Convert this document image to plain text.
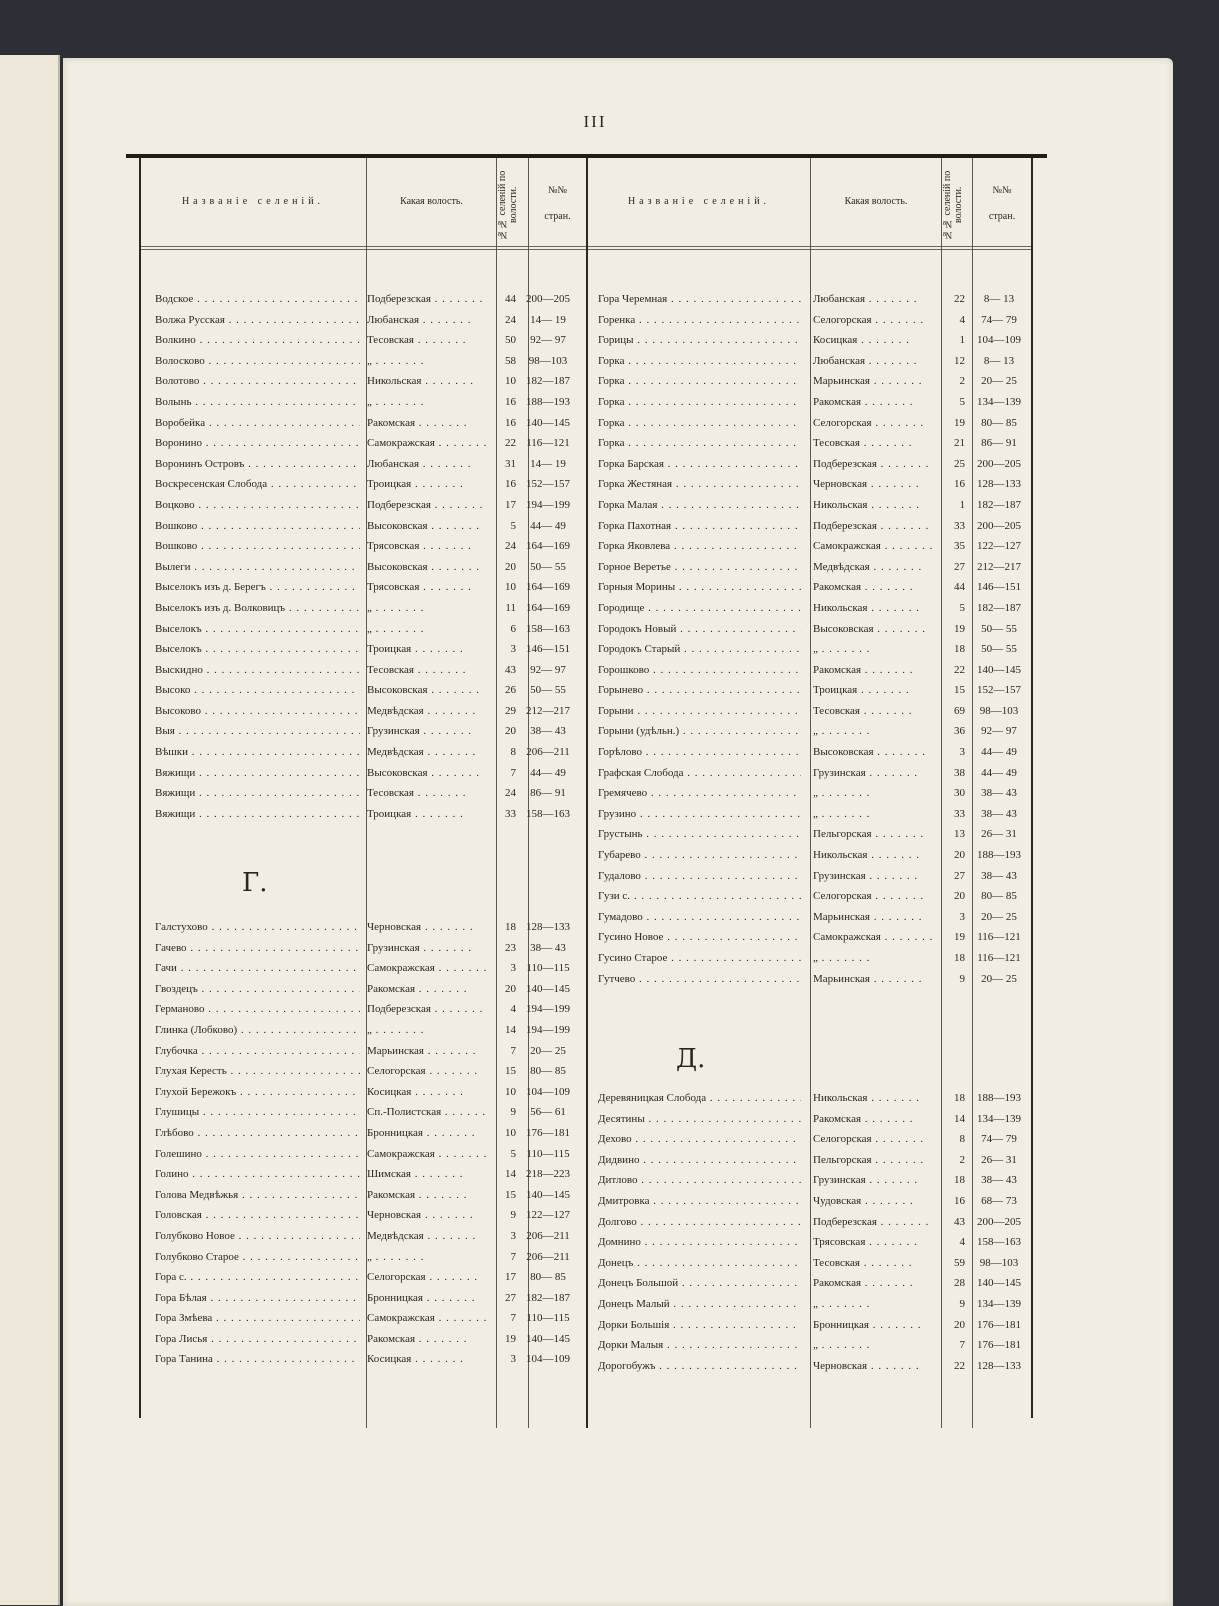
III
Названіе селеній.	Какая волость.	№№ селеній по волости.	№№
стран.
Названіе селеній.	Какая волость.	№№ селеній по волости.	№№
стран.
Г.
Д.
Водское . . .	Подберезская . . .	44 200—205
Волжа Русская . . .	Любанская . . .	24	14— 19
Волкино . . .	Тесовская . . .	50	92— 97
Волосково . . .	„ . . .	58	98—103
Волотово . . .	Никольская . . .	10 182—187
Волынь . . .	„ . . .	16 188—193
Воробейка . . .	Ракомская . . .	16 140—145
Воронино . . .	Самокражская . . .	22 116—121
Воронинъ Островъ . . .	Любанская . . .	31	14— 19
Воскресенская Слобода . . .	Троицкая . . .	16 152—157
Воцково . . .	Подберезская . . .	17 194—199
Вошково . . .	Высоковская . . .	5	44— 49
Вошково . . .	Трясовская . . .	24 164—169
Вылеги . . .	Высоковская . . .	20	50— 55
Выселокъ изъ д. Берегъ . . .	Трясовская . . .	10 164—169
Выселокъ изъ д. Волковицъ . . .	„ . . .	11 164—169
Выселокъ . . .	„ . . .	6 158—163
Выселокъ . . .	Троицкая . . .	3 146—151
Выскидно . . .	Тесовская . . .	43	92— 97
Высоко . . .	Высоковская . . .	26	50— 55
Высоково . . .	Медвѣдская . . .	29 212—217
Выя . . .	Грузинская . . .	20	38— 43
Вѣшки . . .	Медвѣдская . . .	8 206—211
Вяжищи . . .	Высоковская . . .	7	44— 49
Вяжищи . . .	Тесовская . . .	24	86— 91
Вяжищи . . .	Троицкая . . .	33 158—163
Галстухово . . .	Черновская . . .	18 128—133
Гачево . . .	Грузинская . . .	23	38— 43
Гачи . . .	Самокражская . . .	3 110—115
Гвоздецъ . . .	Ракомская . . .	20 140—145
Германово . . .	Подберезская . . .	4 194—199
Глинка (Лобково) . . .	„ . . .	14 194—199
Глубочка . . .	Марьинская . . .	7	20— 25
Глухая Кересть . . .	Селогорская . . .	15	80— 85
Глухой Бережокъ . . .	Косицкая . . .	10 104—109
Глушицы . . .	Сп.-Полистская . . .	9	56— 61
Глѣбово . . .	Бронницкая . . .	10 176—181
Голешино . . .	Самокражская . . .	5 110—115
Голино . . .	Шимская . . .	14 218—223
Голова Медвѣжья . . .	Ракомская . . .	15 140—145
Головская . . .	Черновская . . .	9 122—127
Голубково Новое . . .	Медвѣдская . . .	3 206—211
Голубково Старое . . .	„ . . .	7 206—211
Гора с. . . .	Селогорская . . .	17	80— 85
Гора Бѣлая . . .	Бронницкая . . .	27 182—187
Гора Змѣева . . .	Самокражская . . .	7 110—115
Гора Лисья . . .	Ракомская . . .	19 140—145
Гора Танина . . .	Косицкая . . .	3 104—109
Гора Черемная . . .	Любанская . . .	22	8— 13
Горенка . . .	Селогорская . . .	4	74— 79
Горицы . . .	Косицкая . . .	1	104—109
Горка . . .	Любанская . . .	12	8— 13
Горка . . .	Марьинская . . .	2	20— 25
Горка . . .	Ракомская . . .	5	134—139
Горка . . .	Селогорская . . .	19	80— 85
Горка . . .	Тесовская . . .	21	86— 91
Горка Барская . . .	Подберезская . . .	25	200—205
Горка Жестяная . . .	Черновская . . .	16	128—133
Горка Малая . . .	Никольская . . .	1	182—187
Горка Пахотная . . .	Подберезская . . .	33	200—205
Горка Яковлева . . .	Самокражская . . .	35	122—127
Горное Веретье . . .	Медвѣдская . . .	27	212—217
Горныя Морины . . .	Ракомская . . .	44	146—151
Городище . . .	Никольская . . .	5	182—187
Городокъ Новый . . .	Высоковская . . .	19	50— 55
Городокъ Старый . . .	„ . . .	18	50— 55
Горошково . . .	Ракомская . . .	22	140—145
Горынево . . .	Троицкая . . .	15	152—157
Горыни . . .	Тесовская . . .	69	98—103
Горыни (удѣльн.) . . .	„ . . .	36	92— 97
Горѣлово . . .	Высоковская . . .	3	44— 49
Графская Слобода . . .	Грузинская . . .	38	44— 49
Гремячево . . .	„ . . .	30	38— 43
Грузино . . .	„ . . .	33	38— 43
Грустынь . . .	Пельгорская . . .	13	26— 31
Губарево . . .	Никольская . . .	20	188—193
Гудалово . . .	Грузинская . . .	27	38— 43
Гузи с. . . .	Селогорская . . .	20	80— 85
Гумадово . . .	Марьинская . . .	3	20— 25
Гусино Новое . . .	Самокражская . . .	19	116—121
Гусино Старое . . .	„ . . .	18	116—121
Гутчево . . .	Марьинская . . .	9	20— 25
Деревяницкая Слобода . . .	Никольская . . .	18	188—193
Десятины . . .	Ракомская . . .	14	134—139
Дехово . . .	Селогорская . . .	8	74— 79
Дидвино . . .	Пельгорская . . .	2	26— 31
Дитлово . . .	Грузинская . . .	18	38— 43
Дмитровка . . .	Чудовская . . .	16	68— 73
Долгово . . .	Подберезская . . .	43	200—205
Домнино . . .	Трясовская . . .	4	158—163
Донецъ . . .	Тесовская . . .	59	98—103
Донецъ Большой . . .	Ракомская . . .	28	140—145
Донецъ Малый . . .	„ . . .	9	134—139
Дорки Большія . . .	Бронницкая . . .	20	176—181
Дорки Малыя . . .	„ . . .	7	176—181
Дорогобужъ . . .	Черновская . . .	22	128—133
